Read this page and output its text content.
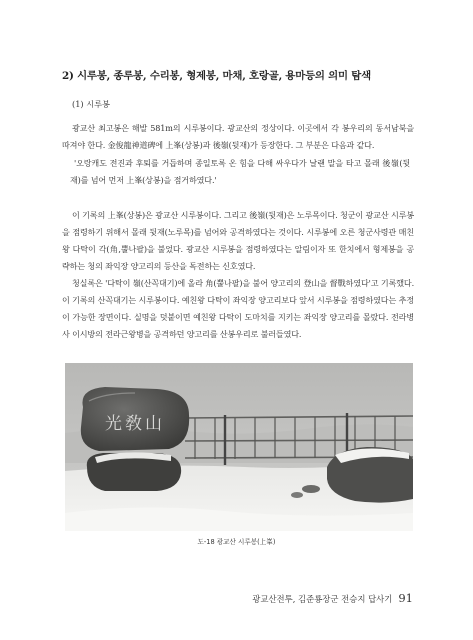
2) 시루봉, 종루봉, 수리봉, 형제봉, 마채, 호랑골, 용마등의 의미 탐색

광교산 최고봉은 해발 581m의 시루봉이다. 광교산의 정상이다. 이곳에서 각 봉우리의 동서남북을 따져야 한다. 金俊龍神道碑에 上峯(상봉)과 後嶺(뒷재)가 등장한다. 그 부분은 다음과 같다.

(1) 시루봉

'오랑캐도 전진과 후퇴를 거듭하며 종일토록 온 힘을 다해 싸우다가 날랜 말을 타고 몰래 後嶺(뒷재)를 넘어 먼저 上峯(상봉)을 점거하였다.'

이 기록의 上峯(상봉)은 광교산 시루봉이다. 그리고 後嶺(뒷재)은 노루목이다. 청군이 광교산 시루봉을 점령하기 위해서 몰래 뒷재(노루목)를 넘어와 공격하였다는 것이다. 시루봉에 오른 청군사령관 매친왕 다탁이 각(角,뿔나팔)을 불었다. 광교산 시루봉을 점령하였다는 알림이자 또 한치에서 형제봉을 공략하는 청의 좌익장 양고리의 등산을 독전하는 신호였다.

청실록은 '다탁이 嶺(산꼭대기)에 올라 角(뿔나팔)을 불어 양고리의 登山을 督戰하였다'고 기록했다. 이 기록의 산꼭대기는 시루봉이다. 예친왕 다탁이 좌익장 양고리보다 앞서 시루봉을 점령하였다는 추정이 가능한 장면이다. 실명을 덧붙이면 예친왕 다탁이 도마치를 지키는 좌익장 양고리를 몰랐다. 전라병사 이시방의 전라근왕병을 공격하던 양고리를 산봉우리로 불러들였다.

光敎山
도-18 광교산 시루봉(上峯)
광교산전투, 김준룡장군 전승지 답사기 91
